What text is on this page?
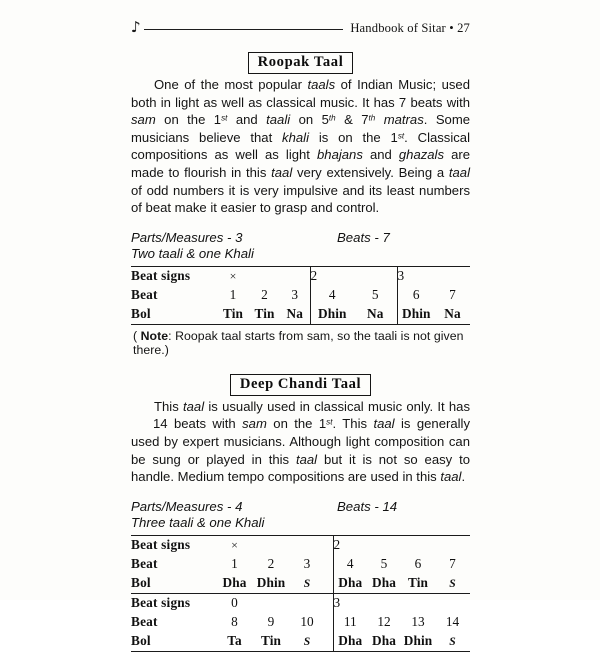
♪	Handbook of Sitar • 27
Roopak Taal

One of the most popular taals of Indian Music; used both in light as well as classical music. It has 7 beats with sam on the 1st and taali on 5th & 7th matras. Some musicians believe that khali is on the 1st. Classical compositions as well as light bhajans and ghazals are made to flourish in this taal very extensively. Being a taal of odd numbers it is very impulsive and its least numbers of beat make it easier to grasp and control.

Parts/Measures - 3	Beats - 7
Two taali & one Khali
Beat signs	×			2		3	
Beat	1	2	3	4	5	6	7
Bol	Tin	Tin	Na	Dhin	Na	Dhin	Na
( Note: Roopak taal starts from sam, so the taali is not given there.)
Deep Chandi Taal

This taal is usually used in classical music only. It has14 beats with sam on the 1st. This taal is generally used by expert musicians. Although light composition can be sung or played in this taal but it is not so easy to handle. Medium tempo compositions are used in this taal.

Parts/Measures - 4	Beats - 14
Three taali & one Khali
Beat signs	×				2			
Beat	1	2	3		4	5	6	7
Bol	Dha	Dhin	S		Dha	Dha	Tin	S
Beat signs	0				3			
Beat	8	9	10		11	12	13	14
Bol	Ta	Tin	S		Dha	Dha	Dhin	S
